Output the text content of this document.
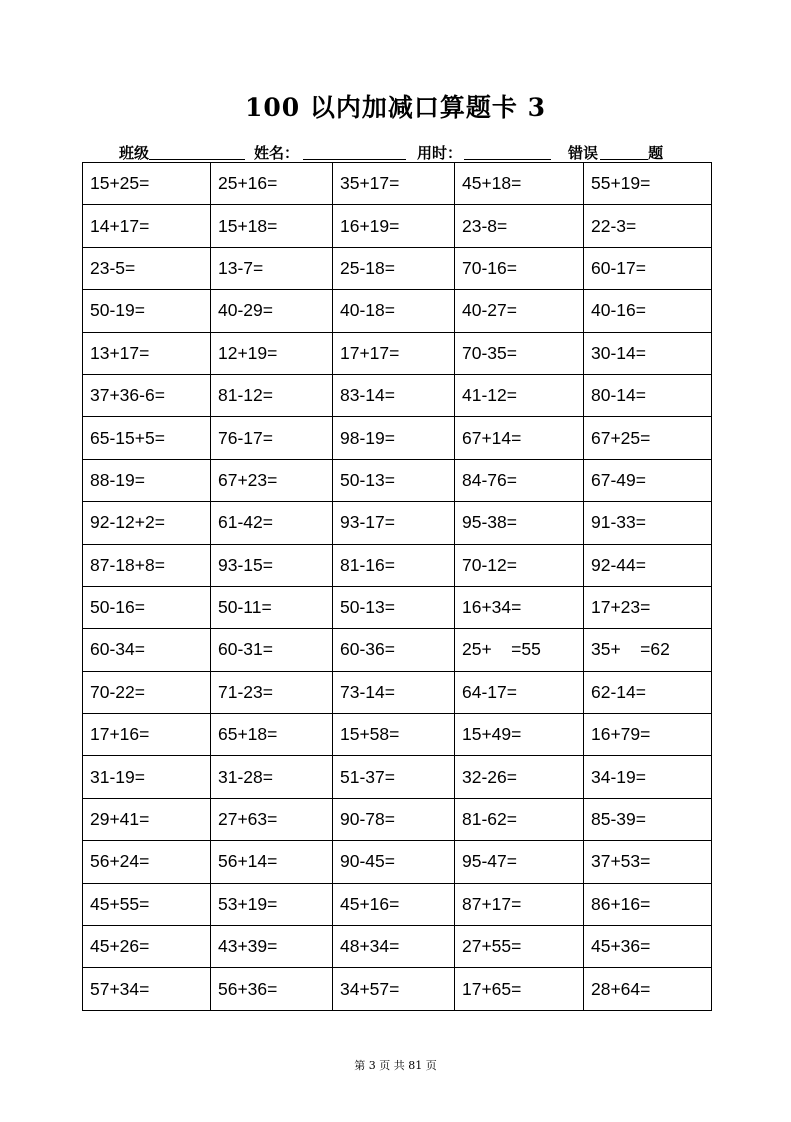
100 以内加减口算题卡 3
班级	姓名：	用时：	错误	题
15+25=	25+16=	35+17=	45+18=	55+19=
14+17=	15+18=	16+19=	23-8=	22-3=
23-5=	13-7=	25-18=	70-16=	60-17=
50-19=	40-29=	40-18=	40-27=	40-16=
13+17=	12+19=	17+17=	70-35=	30-14=
37+36-6=	81-12=	83-14=	41-12=	80-14=
65-15+5=	76-17=	98-19=	67+14=	67+25=
88-19=	67+23=	50-13=	84-76=	67-49=
92-12+2=	61-42=	93-17=	95-38=	91-33=
87-18+8=	93-15=	81-16=	70-12=	92-44=
50-16=	50-11=	50-13=	16+34=	17+23=
60-34=	60-31=	60-36=	25+    =55	35+    =62
70-22=	71-23=	73-14=	64-17=	62-14=
17+16=	65+18=	15+58=	15+49=	16+79=
31-19=	31-28=	51-37=	32-26=	34-19=
29+41=	27+63=	90-78=	81-62=	85-39=
56+24=	56+14=	90-45=	95-47=	37+53=
45+55=	53+19=	45+16=	87+17=	86+16=
45+26=	43+39=	48+34=	27+55=	45+36=
57+34=	56+36=	34+57=	17+65=	28+64=
第 3 页 共 81 页
